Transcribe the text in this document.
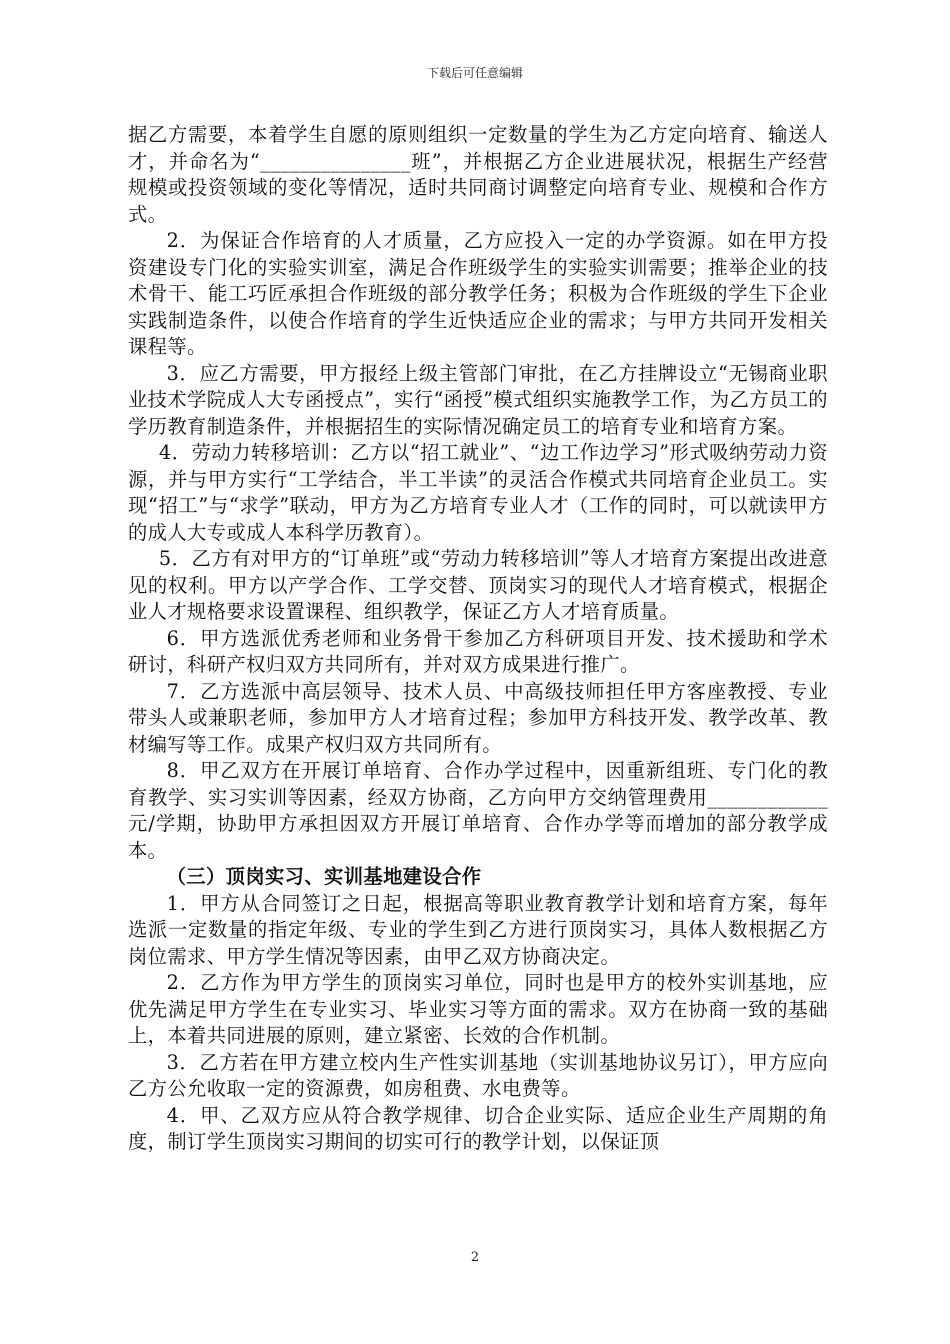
下载后可任意编辑

据乙方需要，本着学生自愿的原则组织一定数量的学生为乙方定向培育、输送人才，并命名为“_______________班”，并根据乙方企业进展状况，根据生产经营规模或投资领域的变化等情况，适时共同商讨调整定向培育专业、规模和合作方式。

2．为保证合作培育的人才质量，乙方应投入一定的办学资源。如在甲方投资建设专门化的实验实训室，满足合作班级学生的实验实训需要；推举企业的技术骨干、能工巧匠承担合作班级的部分教学任务；积极为合作班级的学生下企业实践制造条件，以使合作培育的学生近快适应企业的需求；与甲方共同开发相关课程等。

3．应乙方需要，甲方报经上级主管部门审批，在乙方挂牌设立“无锡商业职业技术学院成人大专函授点”，实行“函授”模式组织实施教学工作，为乙方员工的学历教育制造条件，并根据招生的实际情况确定员工的培育专业和培育方案。

4．劳动力转移培训：乙方以“招工就业”、“边工作边学习”形式吸纳劳动力资源，并与甲方实行“工学结合，半工半读”的灵活合作模式共同培育企业员工。实现“招工”与“求学”联动，甲方为乙方培育专业人才（工作的同时，可以就读甲方的成人大专或成人本科学历教育）。

5．乙方有对甲方的“订单班”或“劳动力转移培训”等人才培育方案提出改进意见的权利。甲方以产学合作、工学交替、顶岗实习的现代人才培育模式，根据企业人才规格要求设置课程、组织教学，保证乙方人才培育质量。

6．甲方选派优秀老师和业务骨干参加乙方科研项目开发、技术援助和学术研讨，科研产权归双方共同所有，并对双方成果进行推广。

7．乙方选派中高层领导、技术人员、中高级技师担任甲方客座教授、专业带头人或兼职老师，参加甲方人才培育过程；参加甲方科技开发、教学改革、教材编写等工作。成果产权归双方共同所有。

8．甲乙双方在开展订单培育、合作办学过程中，因重新组班、专门化的教育教学、实习实训等因素，经双方协商，乙方向甲方交纳管理费用____________元/学期，协助甲方承担因双方开展订单培育、合作办学等而增加的部分教学成本。

（三）顶岗实习、实训基地建设合作

1．甲方从合同签订之日起，根据高等职业教育教学计划和培育方案，每年选派一定数量的指定年级、专业的学生到乙方进行顶岗实习，具体人数根据乙方岗位需求、甲方学生情况等因素，由甲乙双方协商决定。

2．乙方作为甲方学生的顶岗实习单位，同时也是甲方的校外实训基地，应优先满足甲方学生在专业实习、毕业实习等方面的需求。双方在协商一致的基础上，本着共同进展的原则，建立紧密、长效的合作机制。

3．乙方若在甲方建立校内生产性实训基地（实训基地协议另订），甲方应向乙方公允收取一定的资源费，如房租费、水电费等。

4．甲、乙双方应从符合教学规律、切合企业实际、适应企业生产周期的角度，制订学生顶岗实习期间的切实可行的教学计划，以保证顶

2
